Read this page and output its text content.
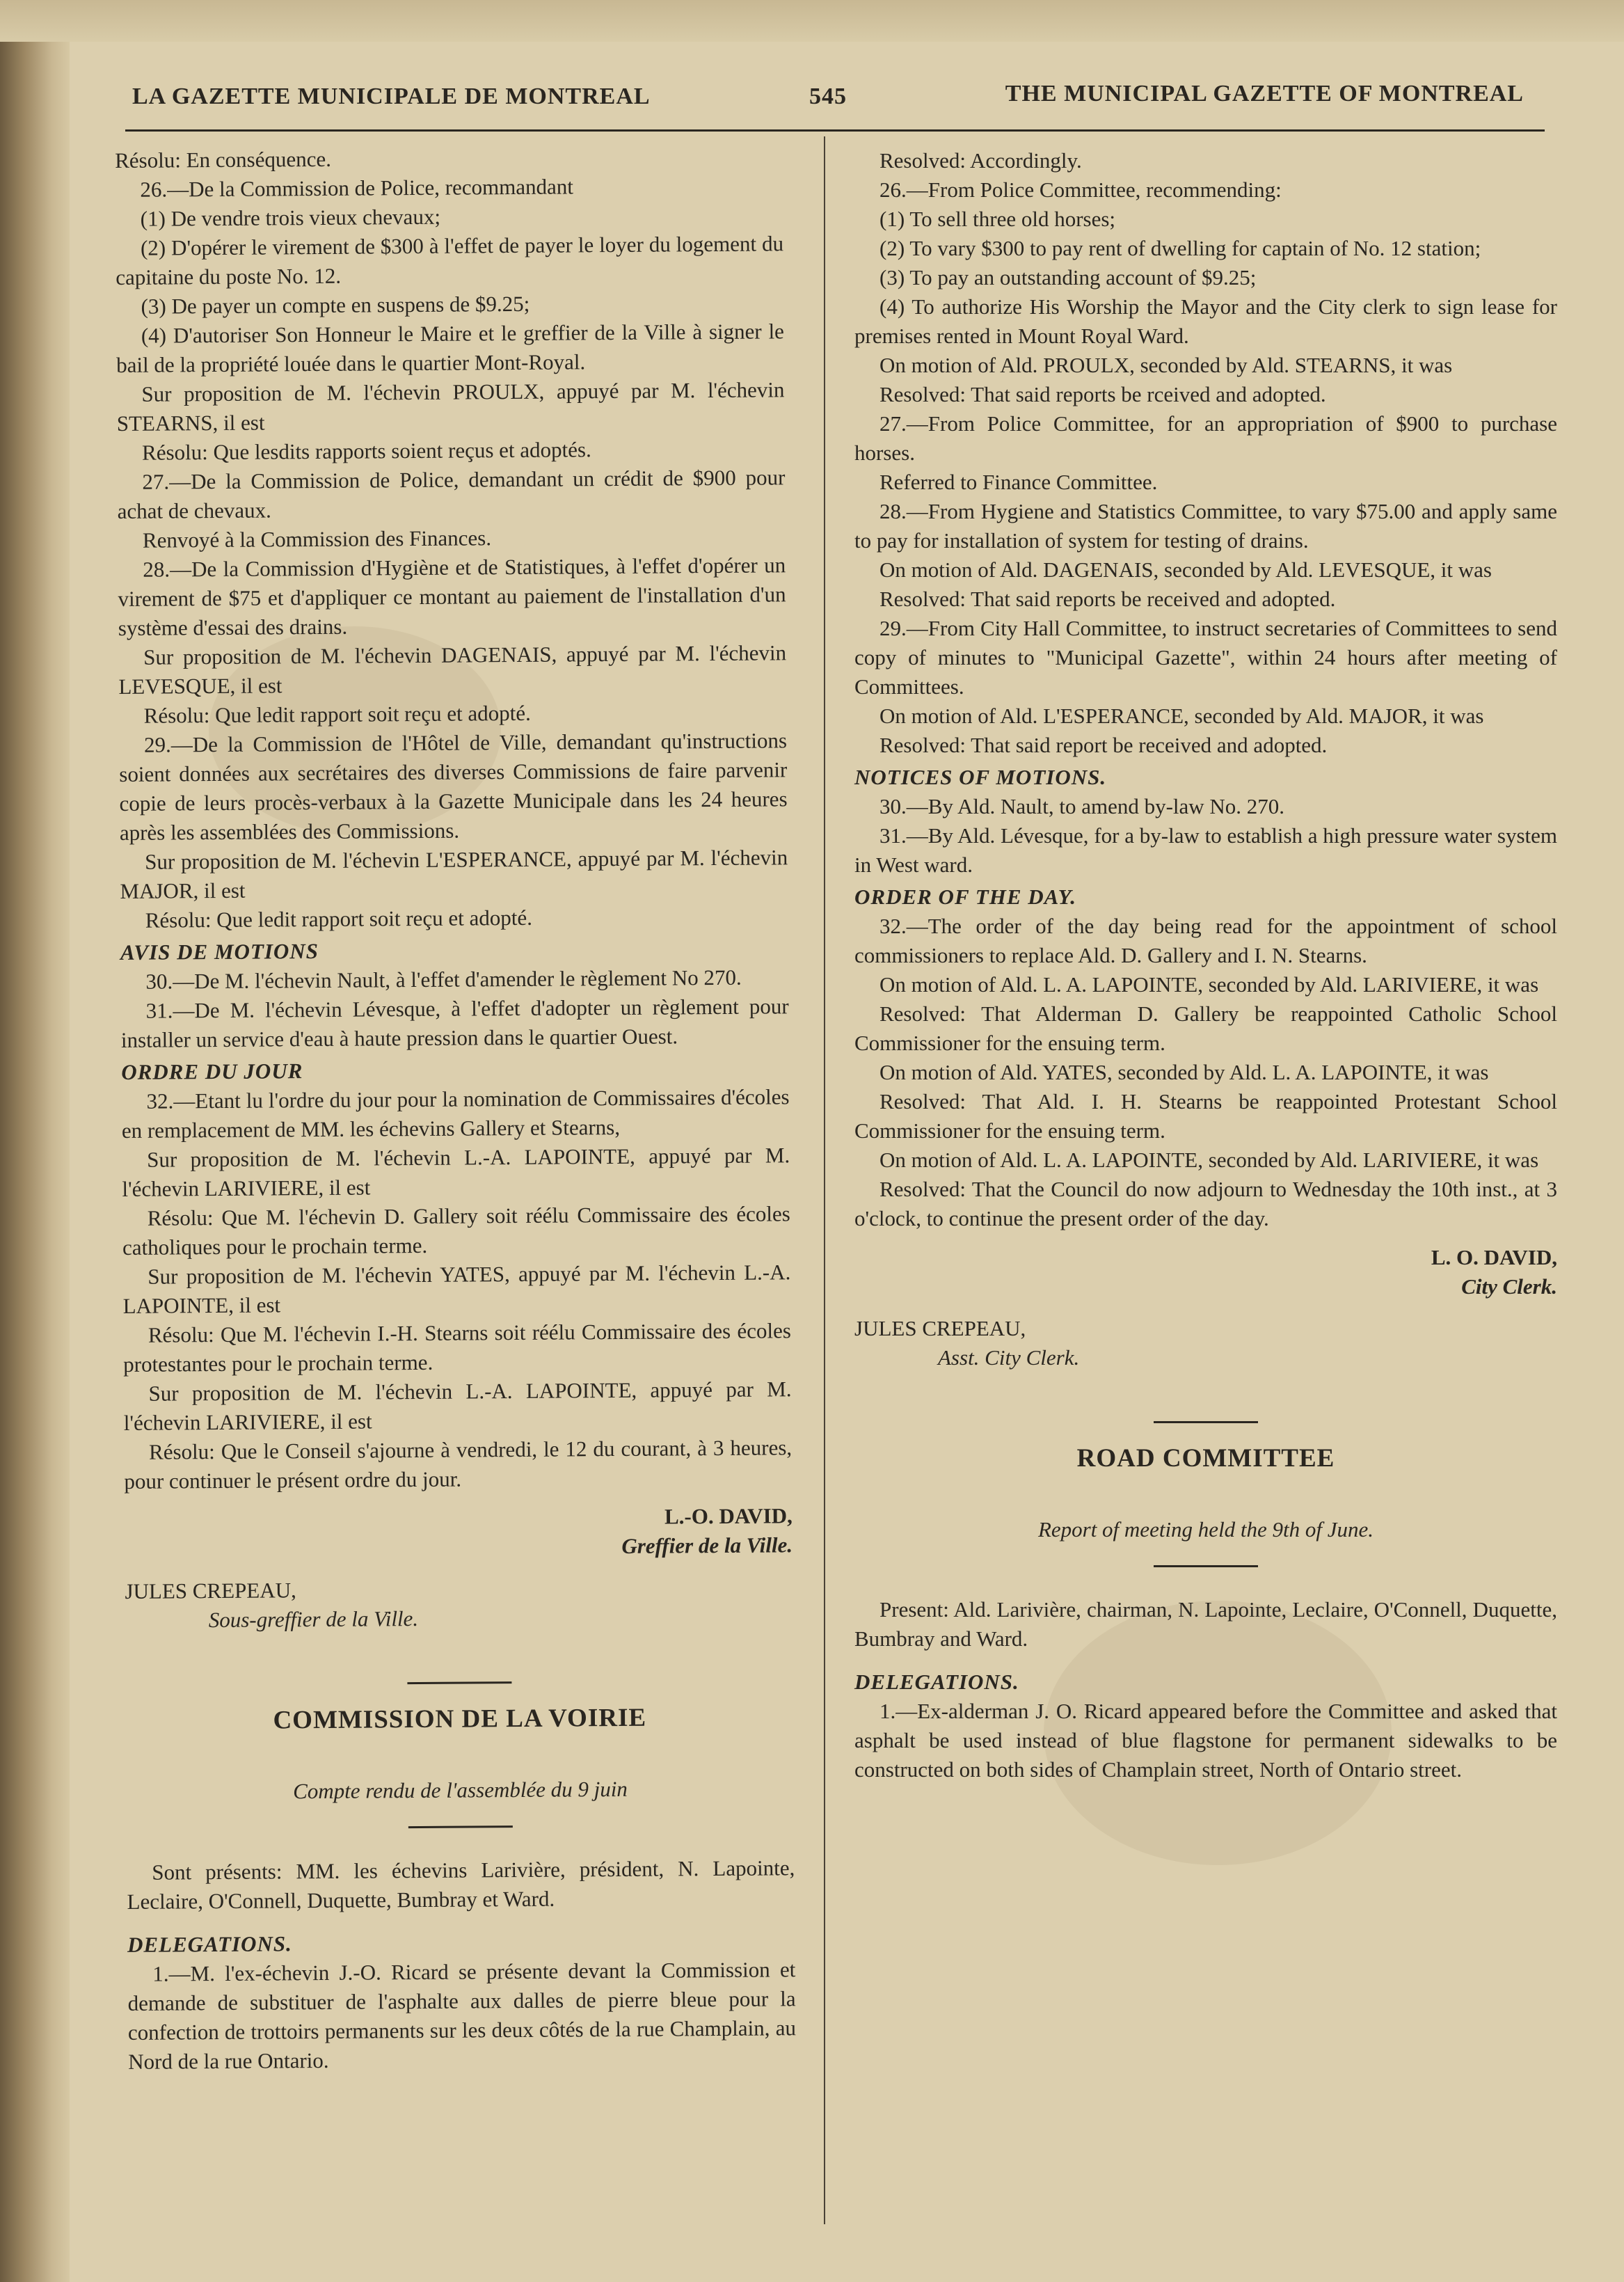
LA GAZETTE MUNICIPALE DE MONTREAL	545	THE MUNICIPAL GAZETTE OF MONTREAL

Résolu: En conséquence.

26.—De la Commission de Police, recommandant

(1) De vendre trois vieux chevaux;

(2) D'opérer le virement de $300 à l'effet de payer le loyer du logement du capitaine du poste No. 12.

(3) De payer un compte en suspens de $9.25;

(4) D'autoriser Son Honneur le Maire et le greffier de la Ville à signer le bail de la propriété louée dans le quartier Mont-Royal.

Sur proposition de M. l'échevin PROULX, appuyé par M. l'échevin STEARNS, il est

Résolu: Que lesdits rapports soient reçus et adoptés.

27.—De la Commission de Police, demandant un crédit de $900 pour achat de chevaux.

Renvoyé à la Commission des Finances.

28.—De la Commission d'Hygiène et de Statistiques, à l'effet d'opérer un virement de $75 et d'appliquer ce montant au paiement de l'installation d'un système d'essai des drains.

Sur proposition de M. l'échevin DAGENAIS, appuyé par M. l'échevin LEVESQUE, il est

Résolu: Que ledit rapport soit reçu et adopté.

29.—De la Commission de l'Hôtel de Ville, demandant qu'instructions soient données aux secrétaires des diverses Commissions de faire parvenir copie de leurs procès-verbaux à la Gazette Municipale dans les 24 heures après les assemblées des Commissions.

Sur proposition de M. l'échevin L'ESPERANCE, appuyé par M. l'échevin MAJOR, il est

Résolu: Que ledit rapport soit reçu et adopté.

AVIS DE MOTIONS

30.—De M. l'échevin Nault, à l'effet d'amender le règlement No 270.

31.—De M. l'échevin Lévesque, à l'effet d'adopter un règlement pour installer un service d'eau à haute pression dans le quartier Ouest.

ORDRE DU JOUR

32.—Etant lu l'ordre du jour pour la nomination de Commissaires d'écoles en remplacement de MM. les échevins Gallery et Stearns,

Sur proposition de M. l'échevin L.-A. LAPOINTE, appuyé par M. l'échevin LARIVIERE, il est

Résolu: Que M. l'échevin D. Gallery soit réélu Commissaire des écoles catholiques pour le prochain terme.

Sur proposition de M. l'échevin YATES, appuyé par M. l'échevin L.-A. LAPOINTE, il est

Résolu: Que M. l'échevin I.-H. Stearns soit réélu Commissaire des écoles protestantes pour le prochain terme.

Sur proposition de M. l'échevin L.-A. LAPOINTE, appuyé par M. l'échevin LARIVIERE, il est

Résolu: Que le Conseil s'ajourne à vendredi, le 12 du courant, à 3 heures, pour continuer le présent ordre du jour.

L.-O. DAVID,
Greffier de la Ville.
JULES CREPEAU,
Sous-greffier de la Ville.

COMMISSION DE LA VOIRIE

Compte rendu de l'assemblée du 9 juin

Sont présents: MM. les échevins Larivière, président, N. Lapointe, Leclaire, O'Connell, Duquette, Bumbray et Ward.

DELEGATIONS.

1.—M. l'ex-échevin J.-O. Ricard se présente devant la Commission et demande de substituer de l'asphalte aux dalles de pierre bleue pour la confection de trottoirs permanents sur les deux côtés de la rue Champlain, au Nord de la rue Ontario.

Resolved: Accordingly.

26.—From Police Committee, recommending:

(1) To sell three old horses;

(2) To vary $300 to pay rent of dwelling for captain of No. 12 station;

(3) To pay an outstanding account of $9.25;

(4) To authorize His Worship the Mayor and the City clerk to sign lease for premises rented in Mount Royal Ward.

On motion of Ald. PROULX, seconded by Ald. STEARNS, it was

Resolved: That said reports be rceived and adopted.

27.—From Police Committee, for an appropriation of $900 to purchase horses.

Referred to Finance Committee.

28.—From Hygiene and Statistics Committee, to vary $75.00 and apply same to pay for installation of system for testing of drains.

On motion of Ald. DAGENAIS, seconded by Ald. LEVESQUE, it was

Resolved: That said reports be received and adopted.

29.—From City Hall Committee, to instruct secretaries of Committees to send copy of minutes to "Municipal Gazette", within 24 hours after meeting of Committees.

On motion of Ald. L'ESPERANCE, seconded by Ald. MAJOR, it was

Resolved: That said report be received and adopted.

NOTICES OF MOTIONS.

30.—By Ald. Nault, to amend by-law No. 270.

31.—By Ald. Lévesque, for a by-law to establish a high pressure water system in West ward.

ORDER OF THE DAY.

32.—The order of the day being read for the appointment of school commissioners to replace Ald. D. Gallery and I. N. Stearns.

On motion of Ald. L. A. LAPOINTE, seconded by Ald. LARIVIERE, it was

Resolved: That Alderman D. Gallery be reappointed Catholic School Commissioner for the ensuing term.

On motion of Ald. YATES, seconded by Ald. L. A. LAPOINTE, it was

Resolved: That Ald. I. H. Stearns be reappointed Protestant School Commissioner for the ensuing term.

On motion of Ald. L. A. LAPOINTE, seconded by Ald. LARIVIERE, it was

Resolved: That the Council do now adjourn to Wednesday the 10th inst., at 3 o'clock, to continue the present order of the day.

L. O. DAVID,
City Clerk.
JULES CREPEAU,
Asst. City Clerk.

ROAD COMMITTEE

Report of meeting held the 9th of June.

Present: Ald. Larivière, chairman, N. Lapointe, Leclaire, O'Connell, Duquette, Bumbray and Ward.

DELEGATIONS.

1.—Ex-alderman J. O. Ricard appeared before the Committee and asked that asphalt be used instead of blue flagstone for permanent sidewalks to be constructed on both sides of Champlain street, North of Ontario street.
